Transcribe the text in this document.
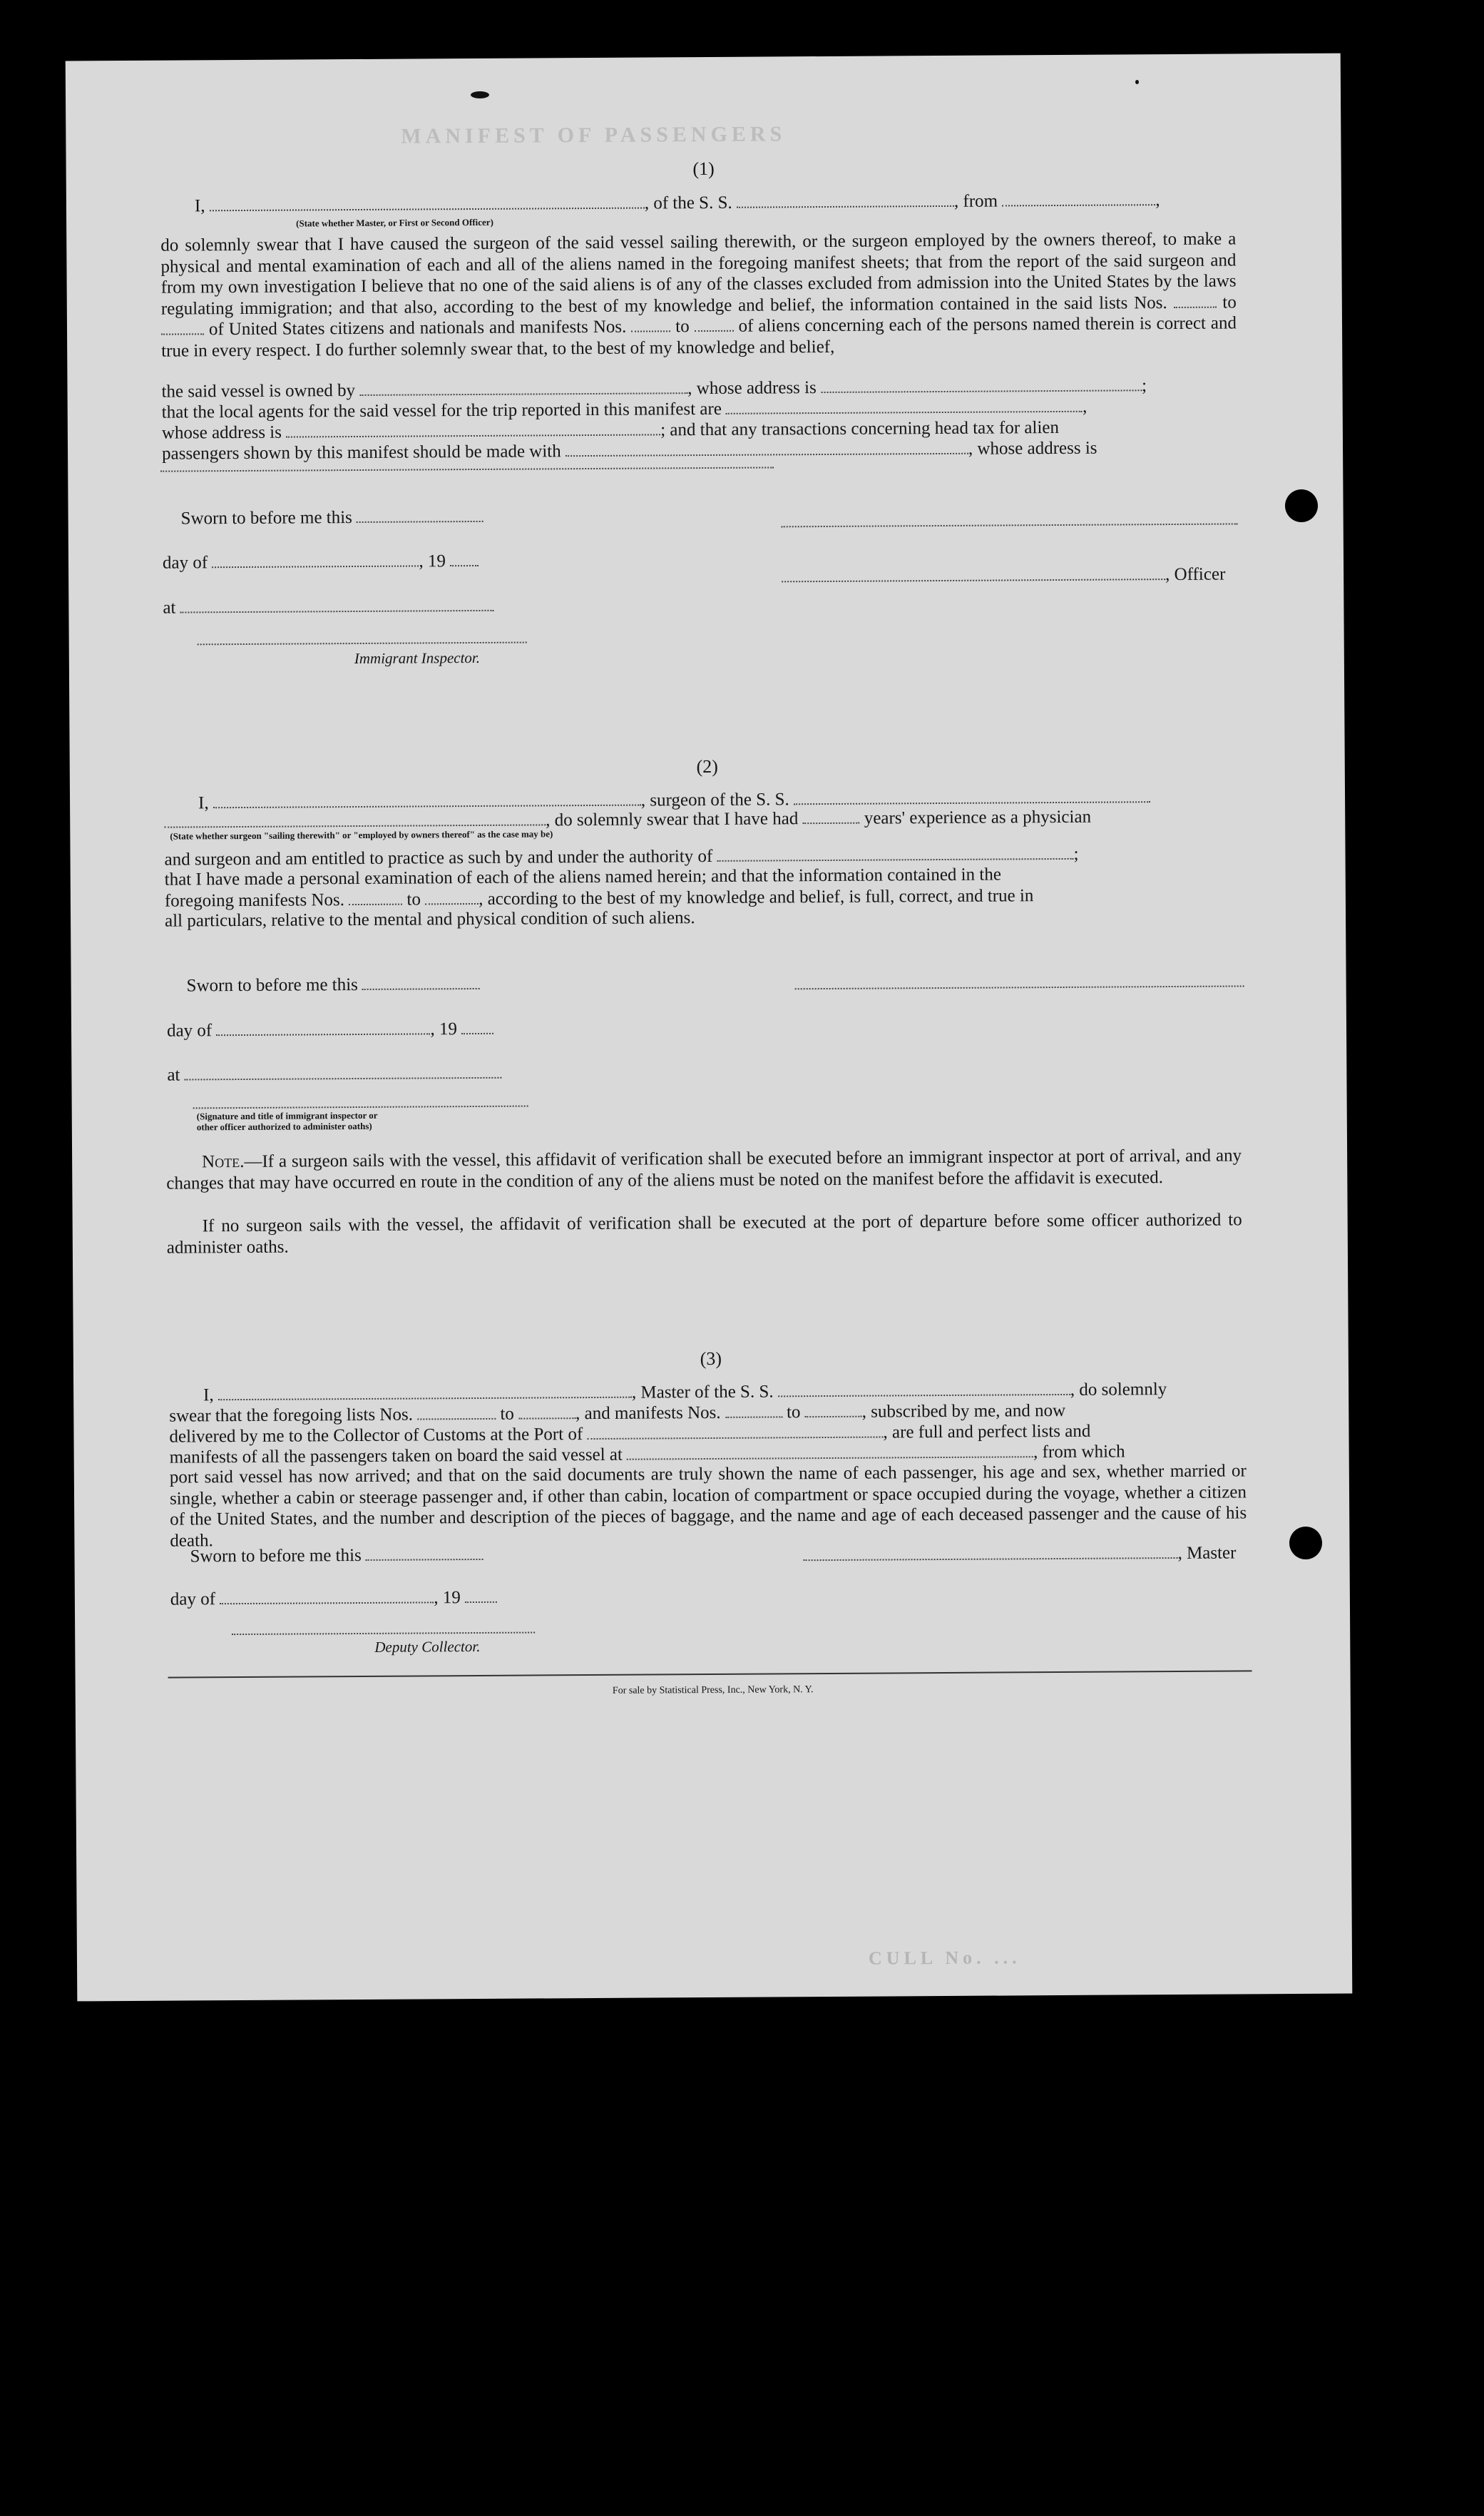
MANIFEST OF PASSENGERS
(1)
I,	, of the S. S.	, from	,
(State whether Master, or First or Second Officer)
do solemnly swear that I have caused the surgeon of the said vessel sailing therewith, or the surgeon employed by the owners thereof, to make a physical and mental examination of each and all of the aliens named in the foregoing manifest sheets; that from the report of the said surgeon and from my own investigation I believe that no one of the said aliens is of any of the classes excluded from admission into the United States by the laws regulating immigration; and that also, according to the best of my knowledge and belief, the information contained in the said lists Nos.	to  of United States citizens and nationals and manifests Nos.	to	of aliens concerning each of the persons named therein is correct and true in every respect. I do further solemnly swear that, to the best of my knowledge and belief,
the said vessel is owned by	, whose address is	;
that the local agents for the said vessel for the trip reported in this manifest are	,
whose address is	; and that any transactions concerning head tax for alien
passengers shown by this manifest should be made with	, whose address is
Sworn to before me this
day of	, 19
, Officer
at
Immigrant Inspector.
(2)
I,	, surgeon of the S. S.
, do solemnly swear that I have had	years' experience as a physician
(State whether surgeon "sailing therewith" or "employed by owners thereof" as the case may be)
and surgeon and am entitled to practice as such by and under the authority of	;
that I have made a personal examination of each of the aliens named herein; and that the information contained in the
foregoing manifests Nos.	to	, according to the best of my knowledge and belief, is full, correct, and true in
all particulars, relative to the mental and physical condition of such aliens.
Sworn to before me this
day of	, 19
at
(Signature and title of immigrant inspector or
other officer authorized to administer oaths)
Note.—If a surgeon sails with the vessel, this affidavit of verification shall be executed before an immigrant inspector at port of arrival, and any changes that may have occurred en route in the condition of any of the aliens must be noted on the manifest before the affidavit is executed.
If no surgeon sails with the vessel, the affidavit of verification shall be executed at the port of departure before some officer authorized to administer oaths.
(3)
I,	, Master of the S. S.	, do solemnly
swear that the foregoing lists Nos.	to	, and manifests Nos.	to	, subscribed by me, and now
delivered by me to the Collector of Customs at the Port of	, are full and perfect lists and
manifests of all the passengers taken on board the said vessel at	, from which
port said vessel has now arrived; and that on the said documents are truly shown the name of each passenger, his age and sex, whether married or single, whether a cabin or steerage passenger and, if other than cabin, location of compartment or space occupied during the voyage, whether a citizen of the United States, and the number and description of the pieces of baggage, and the name and age of each deceased passenger and the cause of his death.
Sworn to before me this	, Master
day of	, 19
Deputy Collector.
For sale by Statistical Press, Inc., New York, N. Y.
CULL No. ...
